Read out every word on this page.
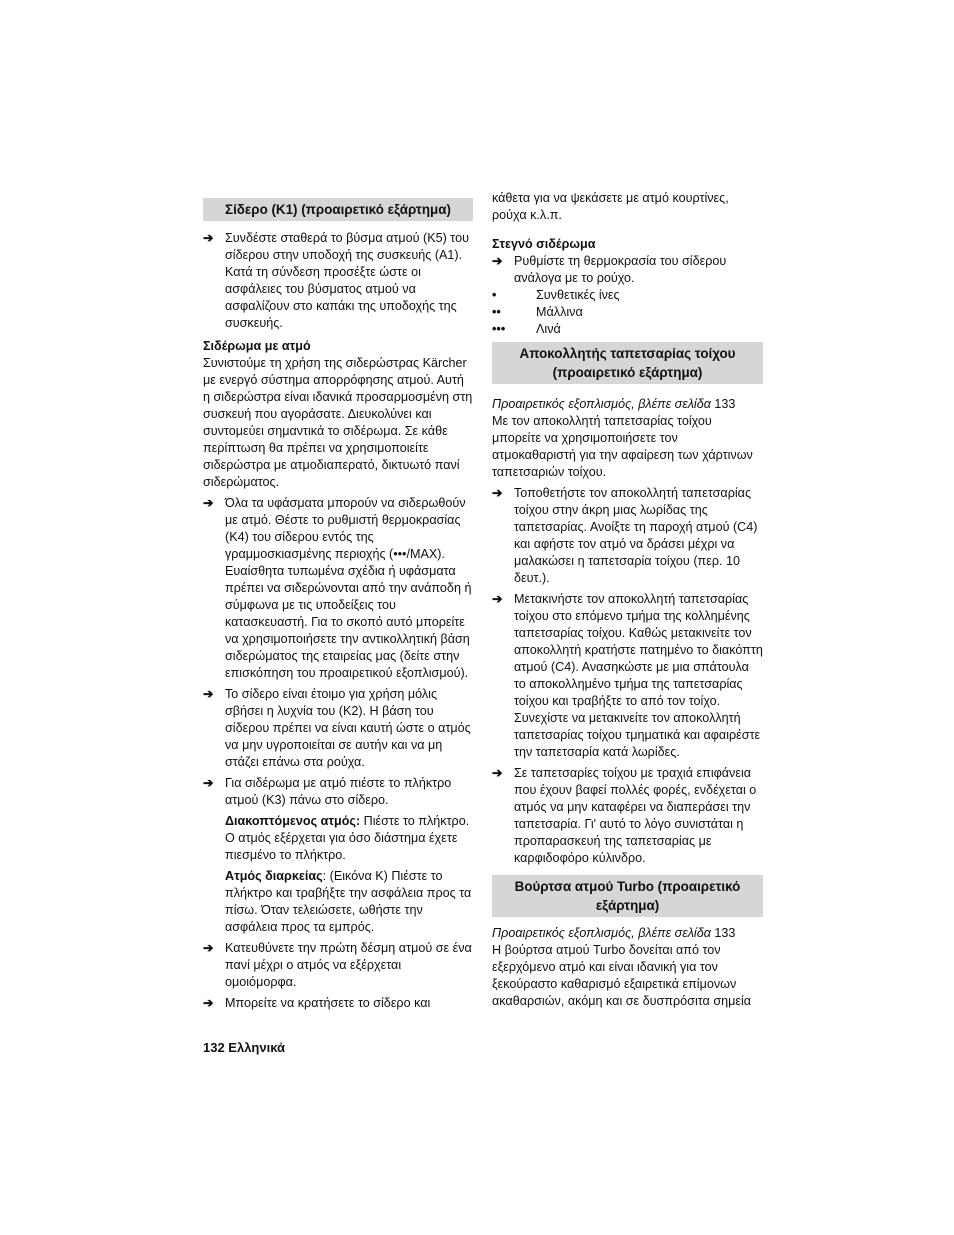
Σίδερο (K1) (προαιρετικό εξάρτημα)
➔ Συνδέστε σταθερά το βύσμα ατμού (K5) του σίδερου στην υποδοχή της συσκευής (A1). Κατά τη σύνδεση προσέξτε ώστε οι ασφάλειες του βύσματος ατμού να ασφαλίζουν στο καπάκι της υποδοχής της συσκευής.

Σιδέρωμα με ατμό

Συνιστούμε τη χρήση της σιδερώστρας Kärcher με ενεργό σύστημα απορρόφησης ατμού. Αυτή η σιδερώστρα είναι ιδανικά προσαρμοσμένη στη συσκευή που αγοράσατε. Διευκολύνει και συντομεύει σημαντικά το σιδέρωμα. Σε κάθε περίπτωση θα πρέπει να χρησιμοποιείτε σιδερώστρα με ατμοδιαπερατό, δικτυωτό πανί σιδερώματος.

➔ Όλα τα υφάσματα μπορούν να σιδερωθούν με ατμό. Θέστε το ρυθμιστή θερμοκρασίας (K4) του σίδερου εντός της γραμμοσκιασμένης περιοχής (•••/MAX). Ευαίσθητα τυπωμένα σχέδια ή υφάσματα πρέπει να σιδερώνονται από την ανάποδη ή σύμφωνα με τις υποδείξεις του κατασκευαστή. Για το σκοπό αυτό μπορείτε να χρησιμοποιήσετε την αντικολλητική βάση σιδερώματος της εταιρείας μας (δείτε στην επισκόπηση του προαιρετικού εξοπλισμού).

➔ Το σίδερο είναι έτοιμο για χρήση μόλις σβήσει η λυχνία του (K2). Η βάση του σίδερου πρέπει να είναι καυτή ώστε ο ατμός να μην υγροποιείται σε αυτήν και να μη στάζει επάνω στα ρούχα.

➔ Για σιδέρωμα με ατμό πιέστε το πλήκτρο ατμού (K3) πάνω στο σίδερο.

Διακοπτόμενος ατμός: Πιέστε το πλήκτρο. Ο ατμός εξέρχεται για όσο διάστημα έχετε πιεσμένο το πλήκτρο.

Ατμός διαρκείας: (Εικόνα K) Πιέστε το πλήκτρο και τραβήξτε την ασφάλεια προς τα πίσω. Όταν τελειώσετε, ωθήστε την ασφάλεια προς τα εμπρός.

➔ Κατευθύνετε την πρώτη δέσμη ατμού σε ένα πανί μέχρι ο ατμός να εξέρχεται ομοιόμορφα.

➔ Μπορείτε να κρατήσετε το σίδερο και

κάθετα για να ψεκάσετε με ατμό κουρτίνες, ρούχα κ.λ.π.

Στεγνό σιδέρωμα

➔ Ρυθμίστε τη θερμοκρασία του σίδερου ανάλογα με το ρούχο.

•	Συνθετικές ίνες
••	Μάλλινα
•••	Λινά
Αποκολλητής ταπετσαρίας τοίχου (προαιρετικό εξάρτημα)

Προαιρετικός εξοπλισμός, βλέπε σελίδα 133

Με τον αποκολλητή ταπετσαρίας τοίχου μπορείτε να χρησιμοποιήσετε τον ατμοκαθαριστή για την αφαίρεση των χάρτινων ταπετσαριών τοίχου.

➔ Τοποθετήστε τον αποκολλητή ταπετσαρίας τοίχου στην άκρη μιας λωρίδας της ταπετσαρίας. Ανοίξτε τη παροχή ατμού (C4) και αφήστε τον ατμό να δράσει μέχρι να μαλακώσει η ταπετσαρία τοίχου (περ. 10 δευτ.).

➔ Μετακινήστε τον αποκολλητή ταπετσαρίας τοίχου στο επόμενο τμήμα της κολλημένης ταπετσαρίας τοίχου. Καθώς μετακινείτε τον αποκολλητή κρατήστε πατημένο το διακόπτη ατμού (C4). Ανασηκώστε με μια σπάτουλα το αποκολλημένο τμήμα της ταπετσαρίας τοίχου και τραβήξτε το από τον τοίχο. Συνεχίστε να μετακινείτε τον αποκολλητή ταπετσαρίας τοίχου τμηματικά και αφαιρέστε την ταπετσαρία κατά λωρίδες.

➔ Σε ταπετσαρίες τοίχου με τραχιά επιφάνεια που έχουν βαφεί πολλές φορές, ενδέχεται ο ατμός να μην καταφέρει να διαπεράσει την ταπετσαρία. Γι' αυτό το λόγο συνιστάται η προπαρασκευή της ταπετσαρίας με καρφιδοφόρο κύλινδρο.

Βούρτσα ατμού Turbo (προαιρετικό εξάρτημα)

Προαιρετικός εξοπλισμός, βλέπε σελίδα 133

Η βούρτσα ατμού Turbo δονείται από τον εξερχόμενο ατμό και είναι ιδανική για τον ξεκούραστο καθαρισμό εξαιρετικά επίμονων ακαθαρσιών, ακόμη και σε δυσπρόσιτα σημεία

132 Ελληνικά
